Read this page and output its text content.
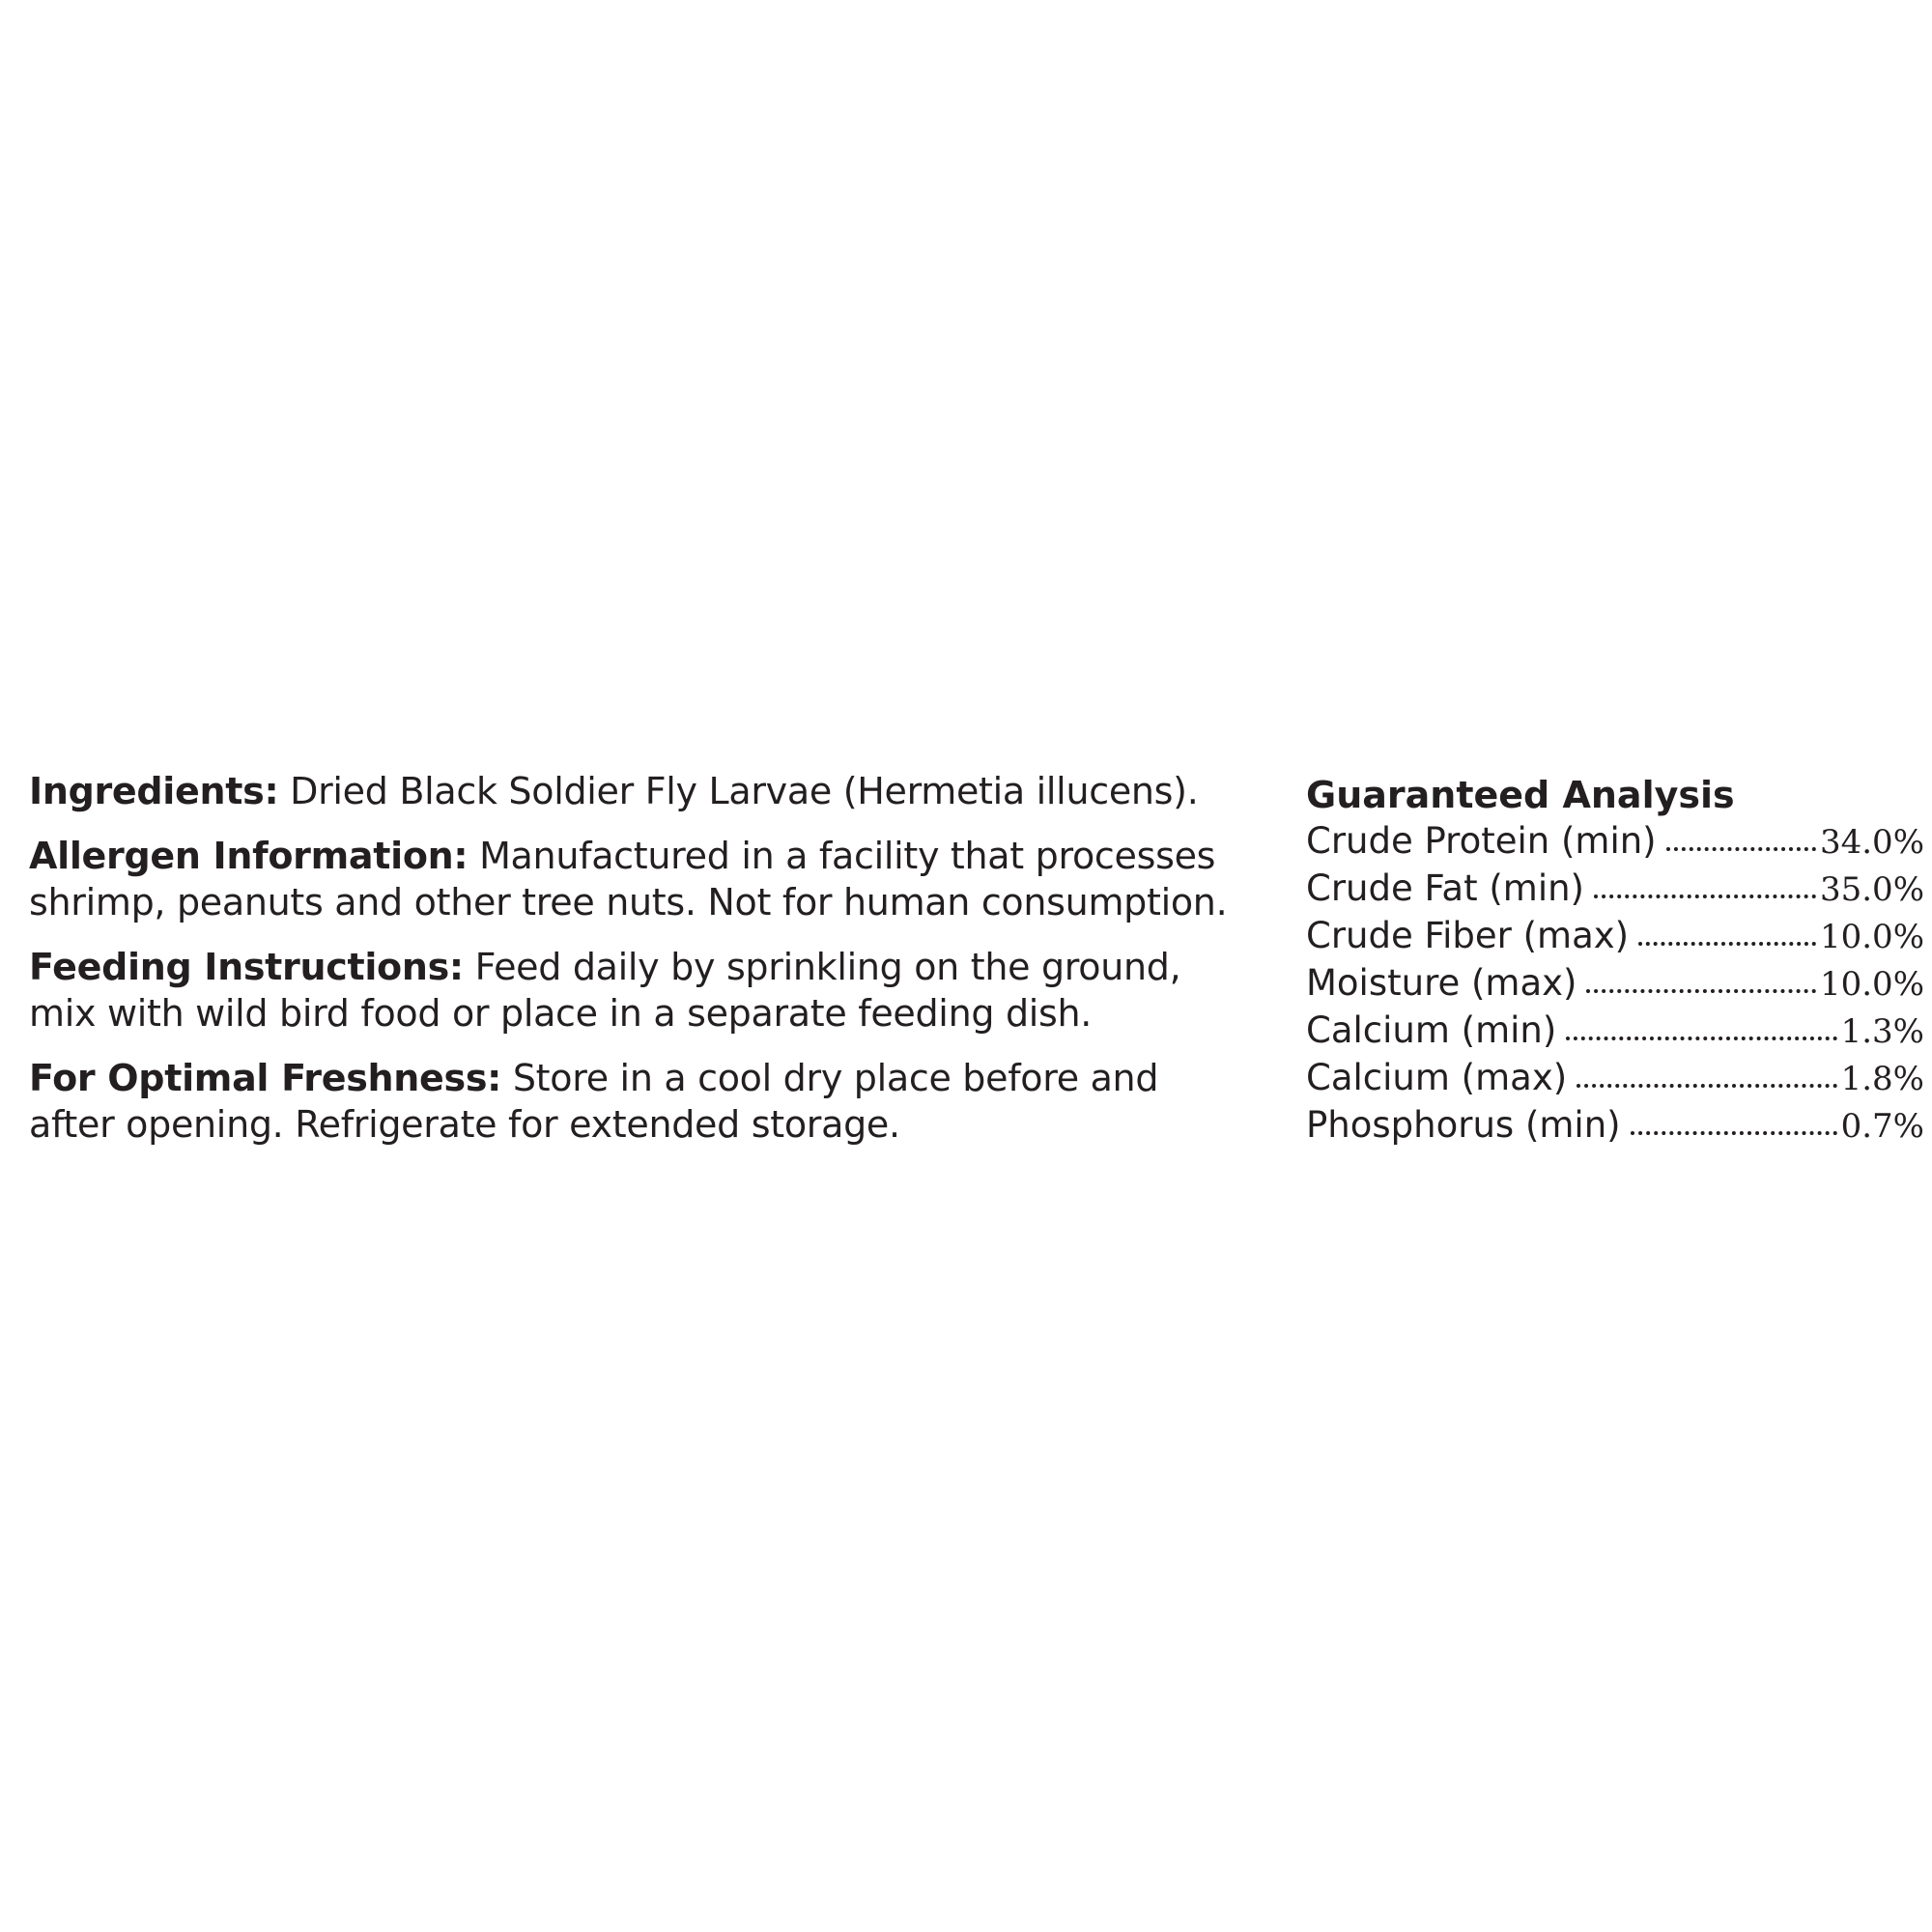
Ingredients: Dried Black Soldier Fly Larvae (Hermetia illucens).

Allergen Information: Manufactured in a facility that processes shrimp, peanuts and other tree nuts. Not for human consumption.

Feeding Instructions: Feed daily by sprinkling on the ground, mix with wild bird food or place in a separate feeding dish.

For Optimal Freshness: Store in a cool dry place before and after opening. Refrigerate for extended storage.

Guaranteed Analysis

Crude Protein (min)	34.0%
Crude Fat (min)	35.0%
Crude Fiber (max)	10.0%
Moisture (max)	10.0%
Calcium (min)	1.3%
Calcium (max)	1.8%
Phosphorus (min)	0.7%
